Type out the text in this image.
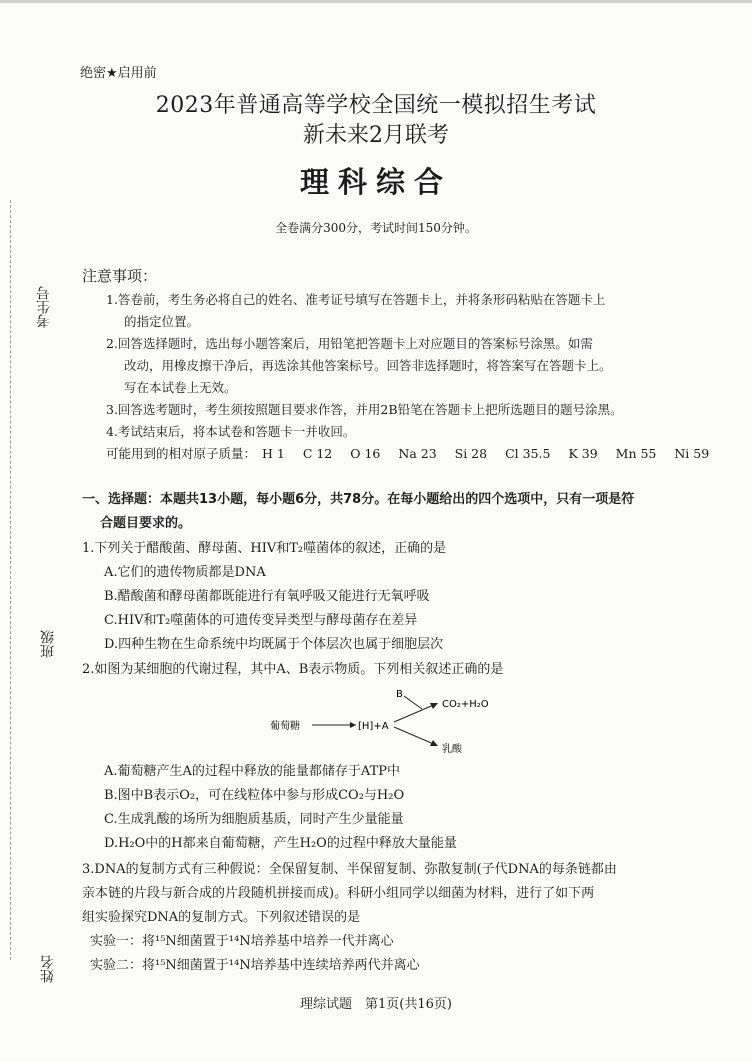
考生号
班级
姓名
绝密★启用前
2023年普通高等学校全国统一模拟招生考试
新未来2月联考
理科综合
全卷满分300分，考试时间150分钟。
注意事项：
1.答卷前，考生务必将自己的姓名、准考证号填写在答题卡上，并将条形码粘贴在答题卡上
的指定位置。
2.回答选择题时，选出每小题答案后，用铅笔把答题卡上对应题目的答案标号涂黑。如需
改动，用橡皮擦干净后，再选涂其他答案标号。回答非选择题时，将答案写在答题卡上。
写在本试卷上无效。
3.回答选考题时，考生须按照题目要求作答，并用2B铅笔在答题卡上把所选题目的题号涂黑。
4.考试结束后，将本试卷和答题卡一并收回。
可能用到的相对原子质量： H 1 C 12 O 16 Na 23 Si 28 Cl 35.5 K 39 Mn 55 Ni 59
一、选择题：本题共13小题，每小题6分，共78分。在每小题给出的四个选项中，只有一项是符
合题目要求的。
1.下列关于醋酸菌、酵母菌、HIV和T₂噬菌体的叙述，正确的是
A.它们的遗传物质都是DNA
B.醋酸菌和酵母菌都既能进行有氧呼吸又能进行无氧呼吸
C.HIV和T₂噬菌体的可遗传变异类型与酵母菌存在差异
D.四种生物在生命系统中均既属于个体层次也属于细胞层次
2.如图为某细胞的代谢过程，其中A、B表示物质。下列相关叙述正确的是
葡萄糖	[H]+A
B
CO₂+H₂O
乳酸
A.葡萄糖产生A的过程中释放的能量都储存于ATP中
B.图中B表示O₂，可在线粒体中参与形成CO₂与H₂O
C.生成乳酸的场所为细胞质基质，同时产生少量能量
D.H₂O中的H都来自葡萄糖，产生H₂O的过程中释放大量能量
3.DNA的复制方式有三种假说：全保留复制、半保留复制、弥散复制(子代DNA的每条链都由
亲本链的片段与新合成的片段随机拼接而成)。科研小组同学以细菌为材料，进行了如下两
组实验探究DNA的复制方式。下列叙述错误的是
实验一：将¹⁵N细菌置于¹⁴N培养基中培养一代并离心
实验二：将¹⁵N细菌置于¹⁴N培养基中连续培养两代并离心
理综试题　第1页(共16页)
